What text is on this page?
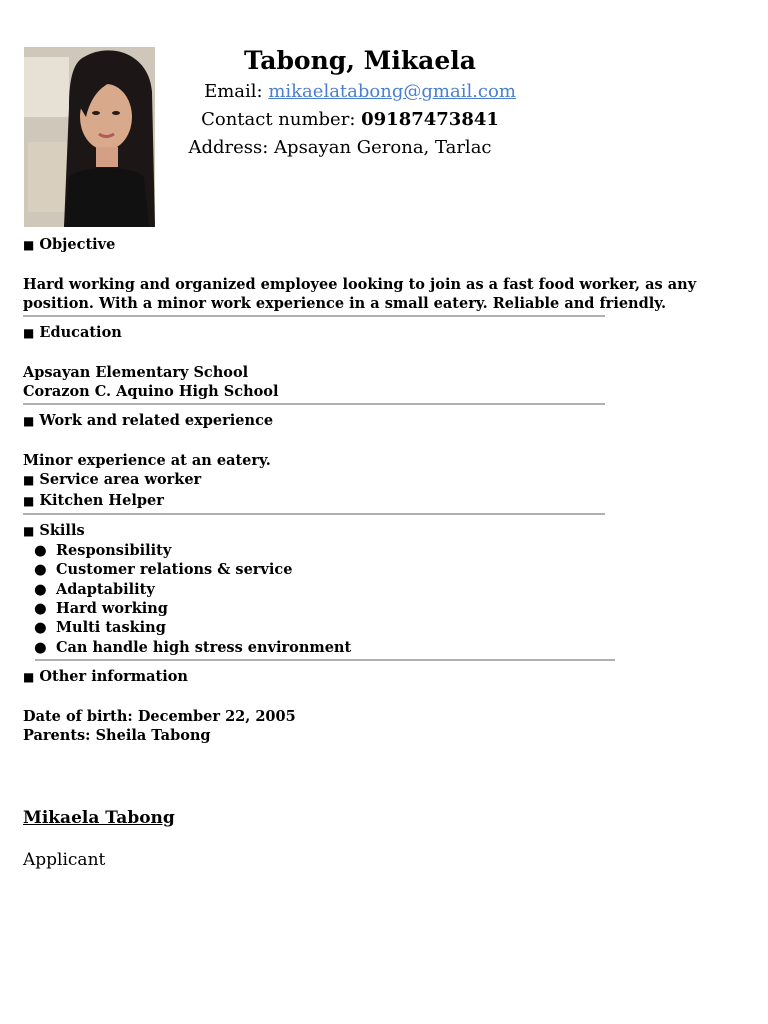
Tabong, Mikaela
Email: mikaelatabong@gmail.com
Contact number: 09187473841
Address: Apsayan Gerona, Tarlac
■ Objective
Hard working and organized employee looking to join as a fast food worker, as any
position. With a minor work experience in a small eatery. Reliable and friendly.
■ Education
Apsayan Elementary School
Corazon C. Aquino High School
■ Work and related experience
Minor experience at an eatery.
■ Service area worker
■ Kitchen Helper
■ Skills
● Responsibility
● Customer relations & service
● Adaptability
● Hard working
● Multi tasking
● Can handle high stress environment
■ Other information
Date of birth: December 22, 2005
Parents: Sheila Tabong
Mikaela Tabong
Applicant
